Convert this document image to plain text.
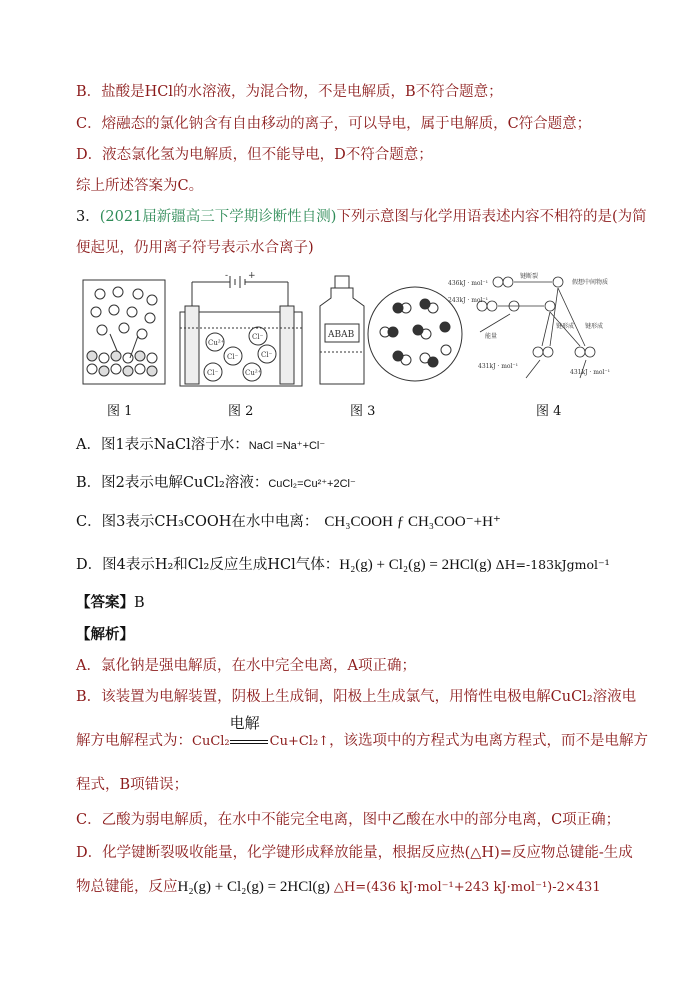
B．盐酸是HCl的水溶液，为混合物，不是电解质，B不符合题意；
C．熔融态的氯化钠含有自由移动的离子，可以导电，属于电解质，C符合题意；
D．液态氯化氢为电解质，但不能导电，D不符合题意；
综上所述答案为C。
3．(2021届新疆高三下学期诊断性自测)下列示意图与化学用语表述内容不相符的是(为简
便起见，仍用离子符号表示水合离子)
- +
Cu²⁺
Cl⁻
Cl⁻	Cl⁻
Cl⁻	Cu²⁺
ABAB
436kJ · mol⁻¹
243kJ · mol⁻¹
键断裂
假想中间物质
键形成 键形成
能量
431kJ · mol⁻¹
431kJ · mol⁻¹
图 1	图 2	图 3	图 4
A．图1表示NaCl溶于水：NaCl =Na⁺+Cl⁻
B．图2表示电解CuCl₂溶液：CuCl₂=Cu²⁺+2Cl⁻
C．图3表示CH₃COOH在水中电离： CH₃COOH ƒ CH₃COO⁻+H⁺
D．图4表示H₂和Cl₂反应生成HCl气体：H₂(g) + Cl₂(g) = 2HCl(g) ΔH=-183kJgmol⁻¹
【答案】B
【解析】
A．氯化钠是强电解质，在水中完全电离，A项正确；
B．该装置为电解装置，阴极上生成铜，阳极上生成氯气，用惰性电极电解CuCl₂溶液电
解方电解程式为：CuCl₂
电解
Cu+Cl₂↑，该选项中的方程式为电离方程式，而不是电解方
程式，B项错误；
C．乙酸为弱电解质，在水中不能完全电离，图中乙酸在水中的部分电离，C项正确；
D．化学键断裂吸收能量，化学键形成释放能量，根据反应热(△H)=反应物总键能-生成
物总键能，反应H₂(g) + Cl₂(g) = 2HCl(g) △H=(436 kJ·mol⁻¹+243 kJ·mol⁻¹)-2×431
